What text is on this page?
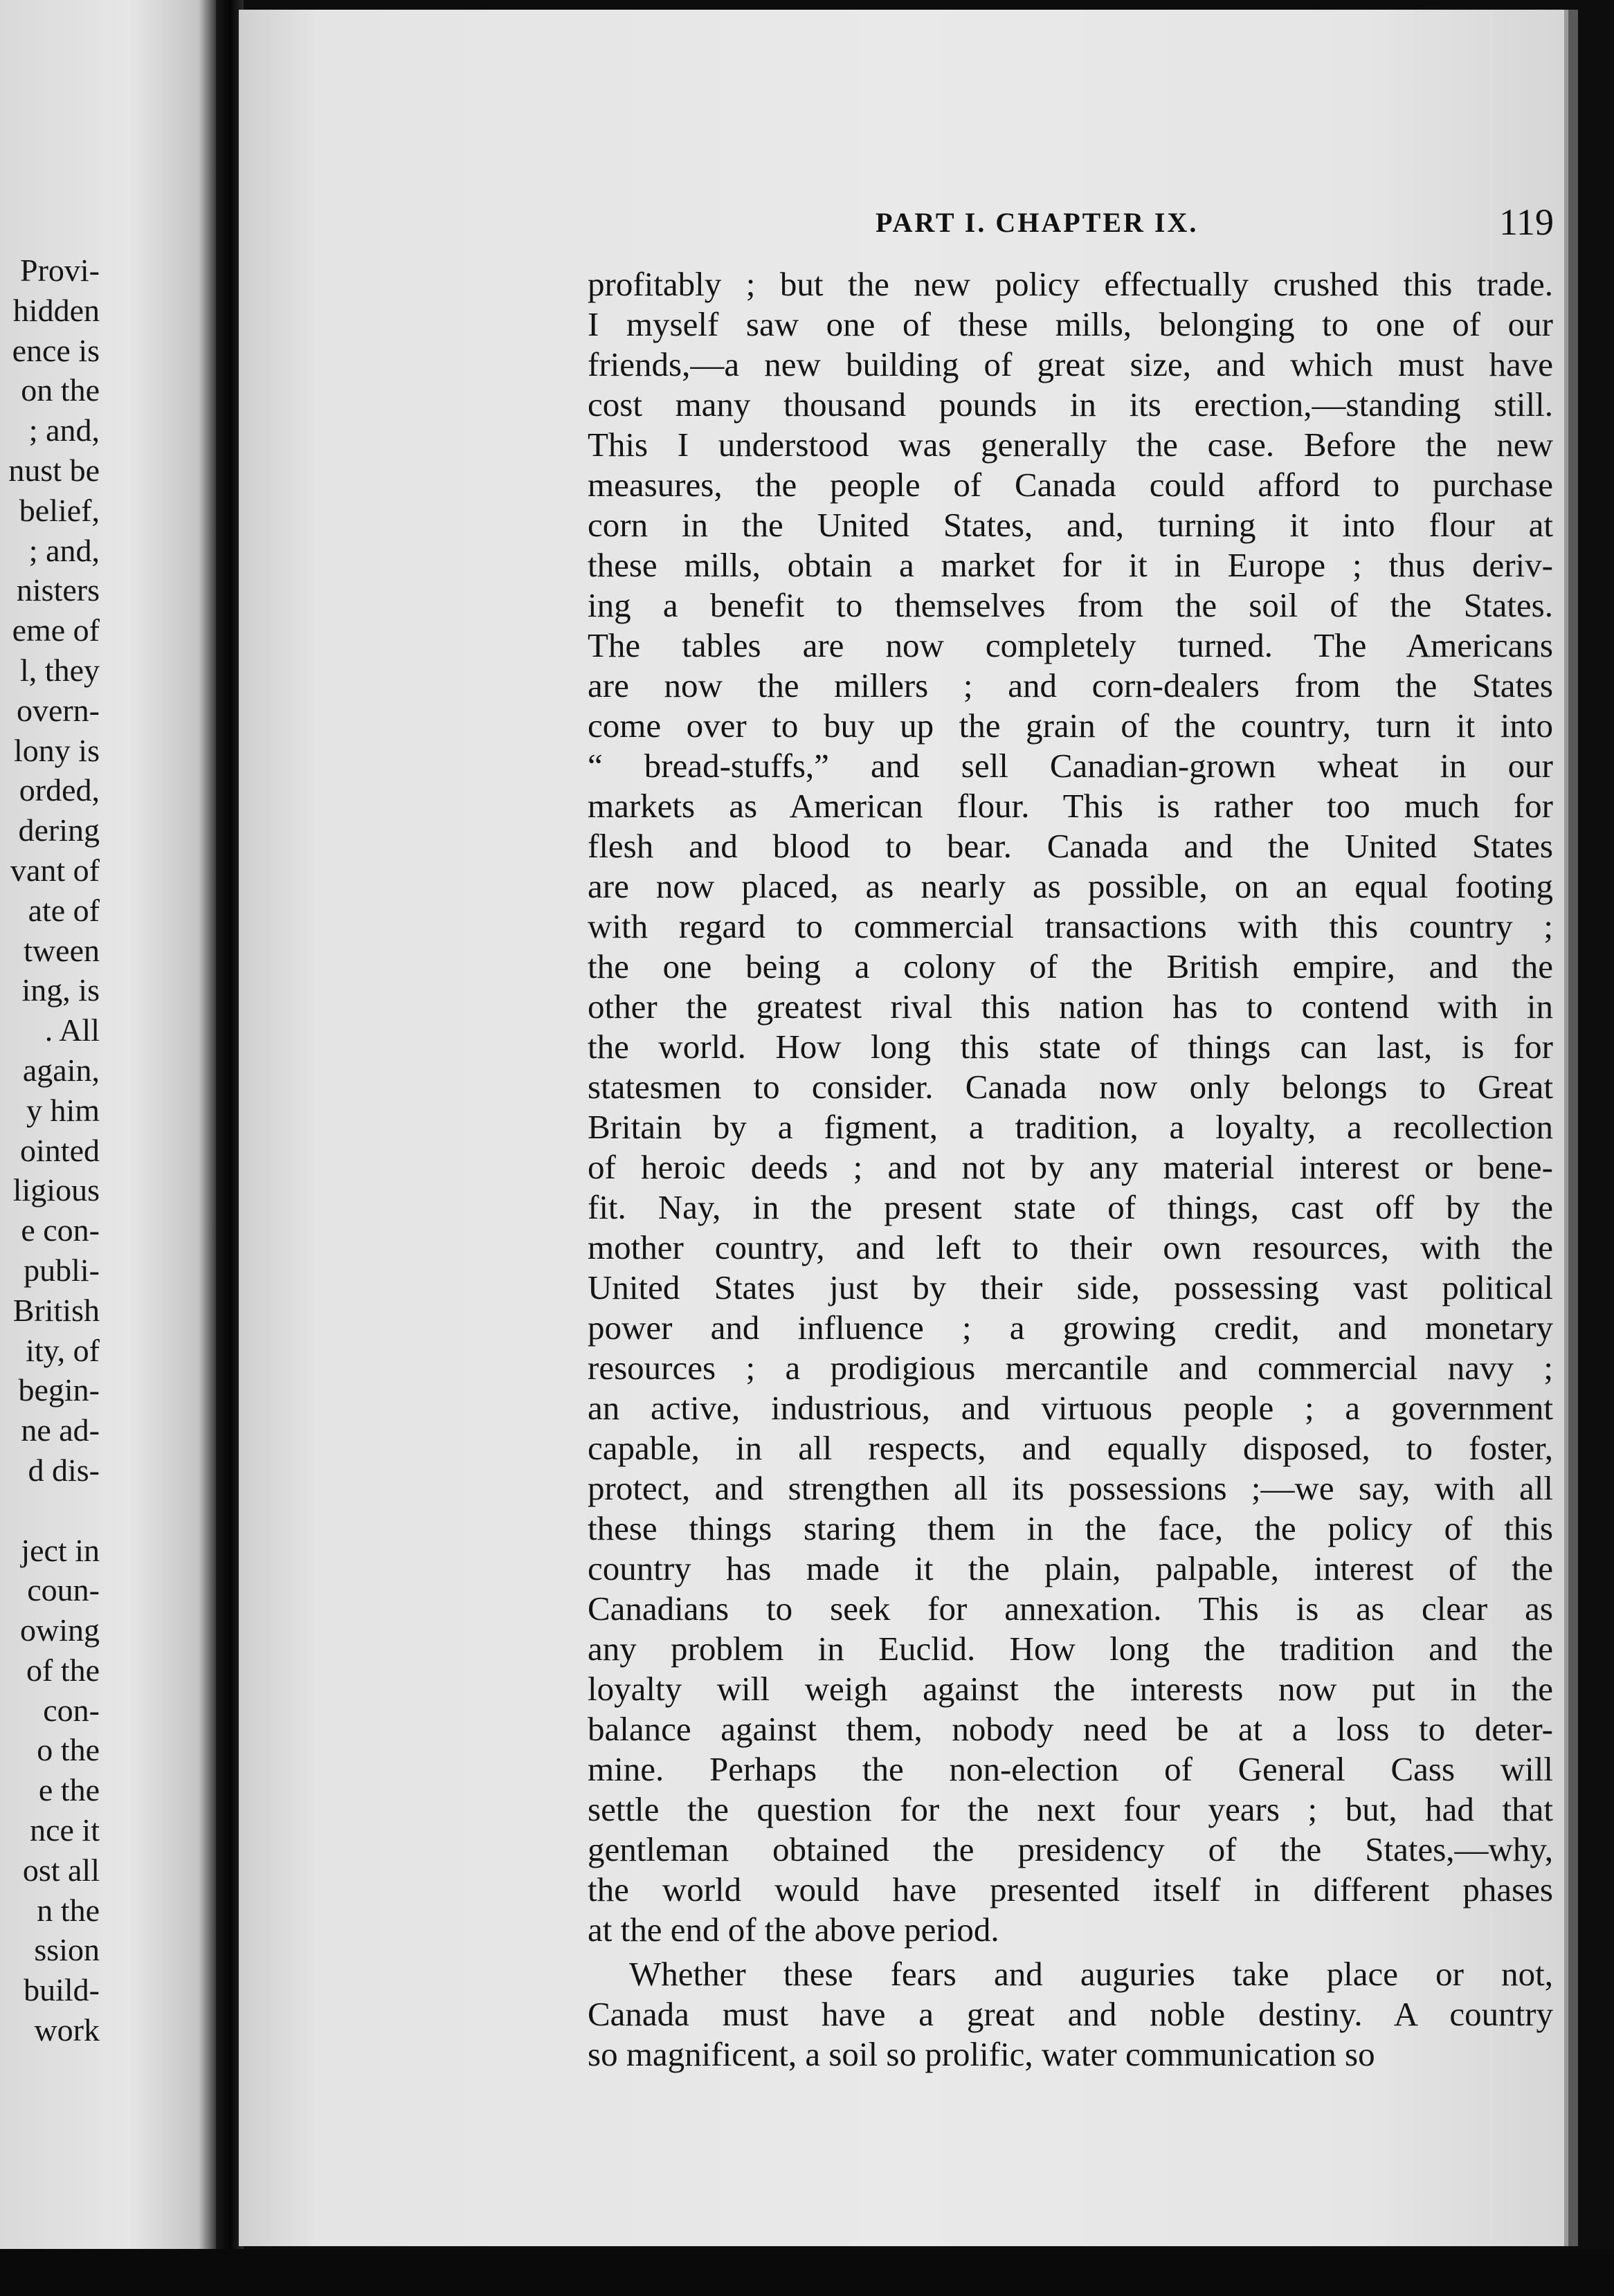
Provi-
hidden
ence is
on the
; and,
nust be
belief,
; and,
nisters
eme of
l, they
overn-
lony is
orded,
dering
vant of
ate of
tween
ing, is
. All
again,
y him
ointed
ligious
e con-
publi-
British
ity, of
begin-
ne ad-
d dis-
ject in
coun-
owing
of the
con-
o the
e the
nce it
ost all
n the
ssion
build-
work
PART I. CHAPTER IX.	119
profitably ; but the new policy effectually crushed this trade.
I myself saw one of these mills, belonging to one of our
friends,—a new building of great size, and which must have
cost many thousand pounds in its erection,—standing still.
This I understood was generally the case. Before the new
measures, the people of Canada could afford to purchase
corn in the United States, and, turning it into flour at
these mills, obtain a market for it in Europe ; thus deriv-
ing a benefit to themselves from the soil of the States.
The tables are now completely turned. The Americans
are now the millers ; and corn-dealers from the States
come over to buy up the grain of the country, turn it into
“ bread-stuffs,” and sell Canadian-grown wheat in our
markets as American flour. This is rather too much for
flesh and blood to bear. Canada and the United States
are now placed, as nearly as possible, on an equal footing
with regard to commercial transactions with this country ;
the one being a colony of the British empire, and the
other the greatest rival this nation has to contend with in
the world. How long this state of things can last, is for
statesmen to consider. Canada now only belongs to Great
Britain by a figment, a tradition, a loyalty, a recollection
of heroic deeds ; and not by any material interest or bene-
fit. Nay, in the present state of things, cast off by the
mother country, and left to their own resources, with the
United States just by their side, possessing vast political
power and influence ; a growing credit, and monetary
resources ; a prodigious mercantile and commercial navy ;
an active, industrious, and virtuous people ; a government
capable, in all respects, and equally disposed, to foster,
protect, and strengthen all its possessions ;—we say, with all
these things staring them in the face, the policy of this
country has made it the plain, palpable, interest of the
Canadians to seek for annexation. This is as clear as
any problem in Euclid. How long the tradition and the
loyalty will weigh against the interests now put in the
balance against them, nobody need be at a loss to deter-
mine. Perhaps the non-election of General Cass will
settle the question for the next four years ; but, had that
gentleman obtained the presidency of the States,—why,
the world would have presented itself in different phases
at the end of the above period.
Whether these fears and auguries take place or not,
Canada must have a great and noble destiny. A country
so magnificent, a soil so prolific, water communication so
